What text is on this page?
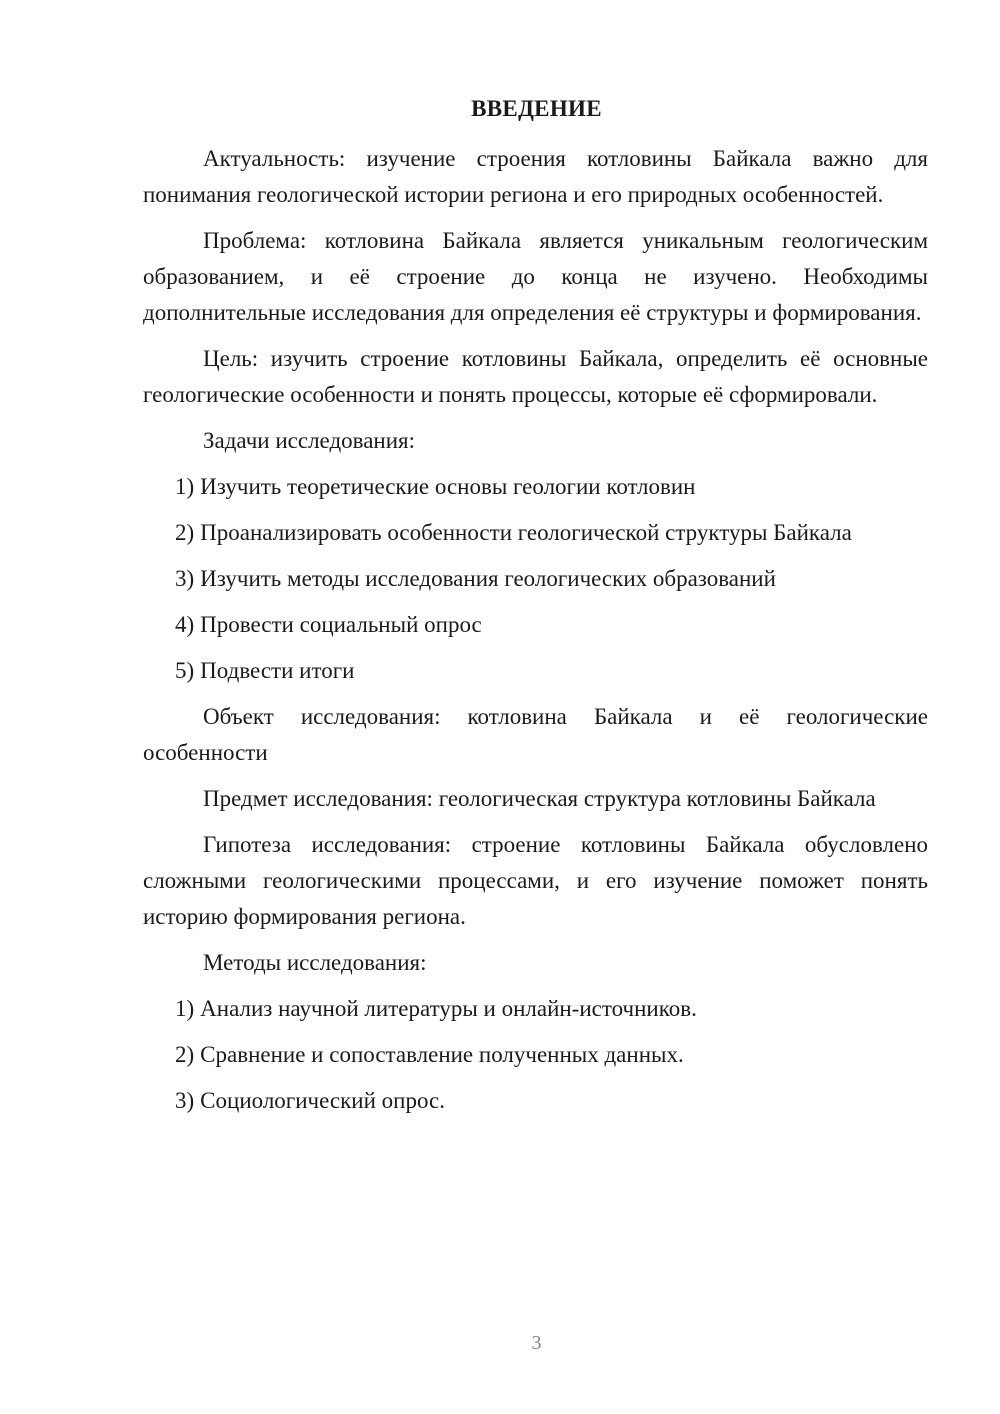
ВВЕДЕНИЕ

Актуальность: изучение строения котловины Байкала важно для понимания геологической истории региона и его природных особенностей.

Проблема: котловина Байкала является уникальным геологическим образованием, и её строение до конца не изучено. Необходимы дополнительные исследования для определения её структуры и формирования.

Цель: изучить строение котловины Байкала, определить её основные геологические особенности и понять процессы, которые её сформировали.

Задачи исследования:

1) Изучить теоретические основы геологии котловин
2) Проанализировать особенности геологической структуры Байкала
3) Изучить методы исследования геологических образований
4) Провести социальный опрос
5) Подвести итоги

Объект исследования: котловина Байкала и её геологические особенности

Предмет исследования: геологическая структура котловины Байкала

Гипотеза исследования: строение котловины Байкала обусловлено сложными геологическими процессами, и его изучение поможет понять историю формирования региона.

Методы исследования:

1) Анализ научной литературы и онлайн-источников.
2) Сравнение и сопоставление полученных данных.
3) Социологический опрос.
3
